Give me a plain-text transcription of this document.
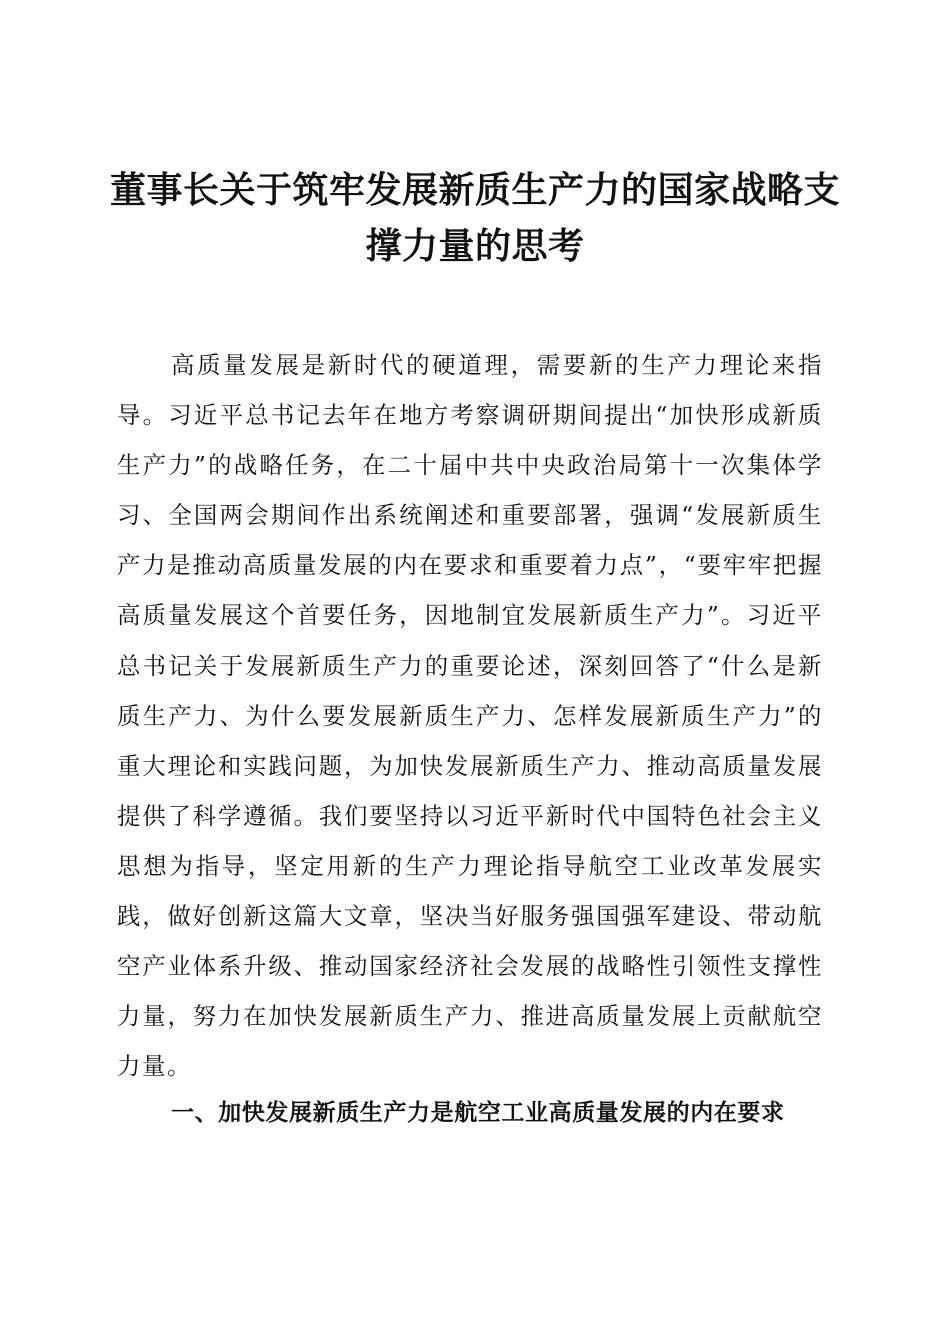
董事长关于筑牢发展新质生产力的国家战略支撑力量的思考

高质量发展是新时代的硬道理，需要新的生产力理论来指导。习近平总书记去年在地方考察调研期间提出“加快形成新质生产力”的战略任务，在二十届中共中央政治局第十一次集体学习、全国两会期间作出系统阐述和重要部署，强调“发展新质生产力是推动高质量发展的内在要求和重要着力点”，“要牢牢把握高质量发展这个首要任务，因地制宜发展新质生产力”。习近平总书记关于发展新质生产力的重要论述，深刻回答了“什么是新质生产力、为什么要发展新质生产力、怎样发展新质生产力”的重大理论和实践问题，为加快发展新质生产力、推动高质量发展提供了科学遵循。我们要坚持以习近平新时代中国特色社会主义思想为指导，坚定用新的生产力理论指导航空工业改革发展实践，做好创新这篇大文章，坚决当好服务强国强军建设、带动航空产业体系升级、推动国家经济社会发展的战略性引领性支撑性力量，努力在加快发展新质生产力、推进高质量发展上贡献航空力量。

一、加快发展新质生产力是航空工业高质量发展的内在要求
